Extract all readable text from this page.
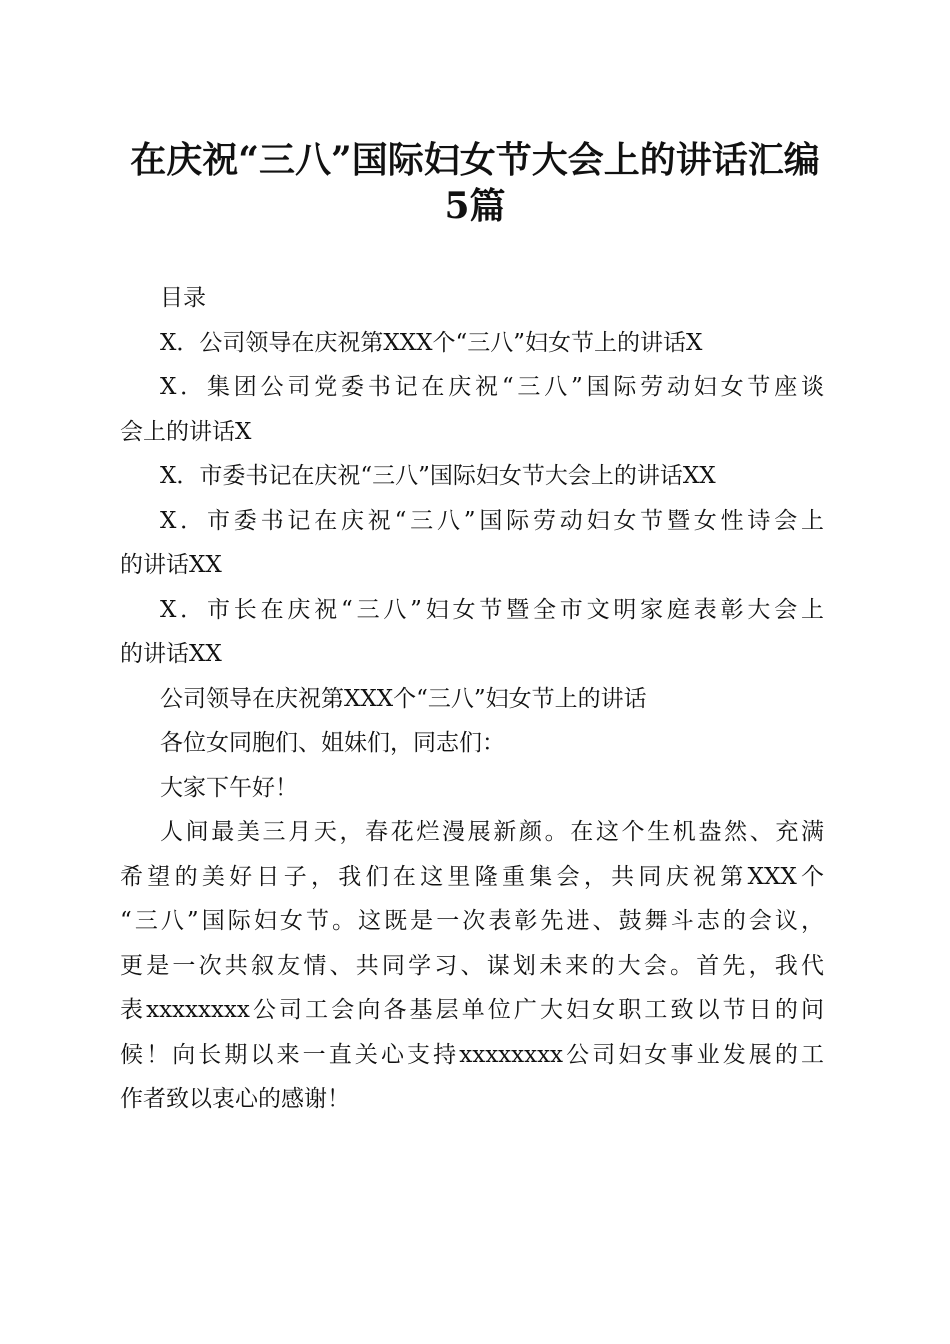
在庆祝“三八”国际妇女节大会上的讲话汇编
5篇
目录
X．公司领导在庆祝第XXX个“三八”妇女节上的讲话X
X．集团公司党委书记在庆祝“三八”国际劳动妇女节座谈
会上的讲话X
X．市委书记在庆祝“三八”国际妇女节大会上的讲话XX
X．市委书记在庆祝“三八”国际劳动妇女节暨女性诗会上
的讲话XX
X．市长在庆祝“三八”妇女节暨全市文明家庭表彰大会上
的讲话XX
公司领导在庆祝第XXX个“三八”妇女节上的讲话
各位女同胞们、姐妹们，同志们：
大家下午好！
人间最美三月天，春花烂漫展新颜。在这个生机盎然、充满
希望的美好日子，我们在这里隆重集会，共同庆祝第XXX个
“三八”国际妇女节。这既是一次表彰先进、鼓舞斗志的会议，
更是一次共叙友情、共同学习、谋划未来的大会。首先，我代
表xxxxxxxx公司工会向各基层单位广大妇女职工致以节日的问
候！向长期以来一直关心支持xxxxxxxx公司妇女事业发展的工
作者致以衷心的感谢！
